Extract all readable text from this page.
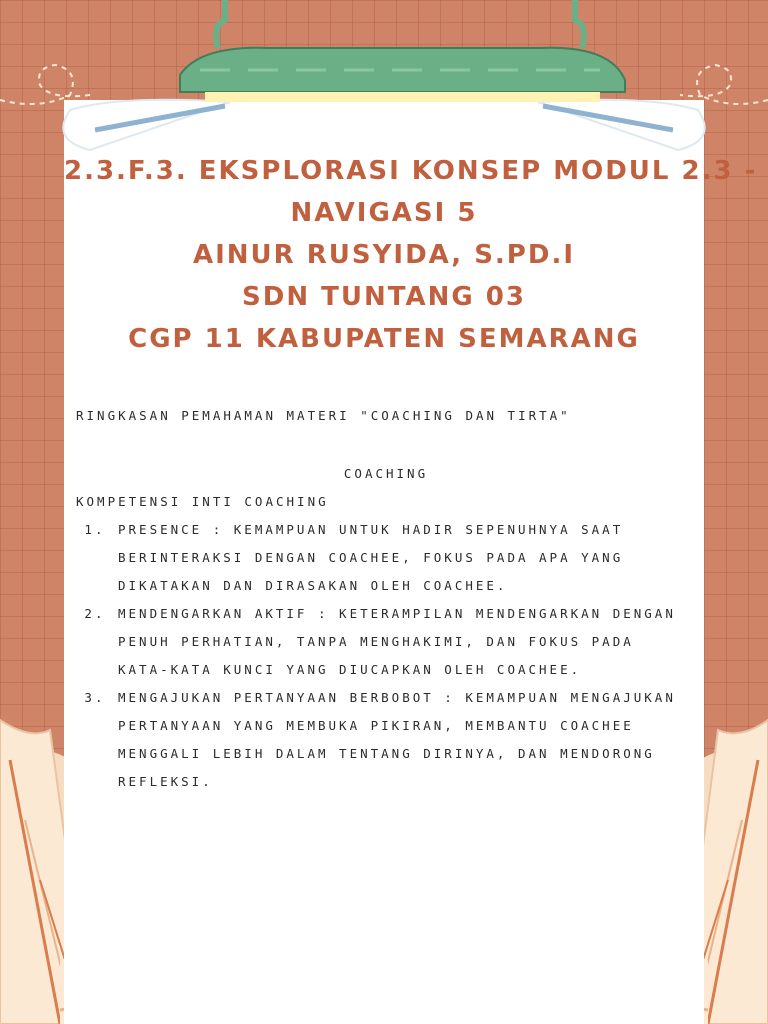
2.3.F.3. EKSPLORASI KONSEP MODUL 2.3 -
NAVIGASI 5
AINUR RUSYIDA, S.PD.I
SDN TUNTANG 03
CGP 11 KABUPATEN SEMARANG

RINGKASAN PEMAHAMAN MATERI "COACHING DAN TIRTA"

COACHING

KOMPETENSI INTI COACHING

1. PRESENCE : KEMAMPUAN UNTUK HADIR SEPENUHNYA SAAT BERINTERAKSI DENGAN COACHEE, FOKUS PADA APA YANG DIKATAKAN DAN DIRASAKAN OLEH COACHEE.
2. MENDENGARKAN AKTIF : KETERAMPILAN MENDENGARKAN DENGAN PENUH PERHATIAN, TANPA MENGHAKIMI, DAN FOKUS PADA KATA-KATA KUNCI YANG DIUCAPKAN OLEH COACHEE.
3. MENGAJUKAN PERTANYAAN BERBOBOT : KEMAMPUAN MENGAJUKAN PERTANYAAN YANG MEMBUKA PIKIRAN, MEMBANTU COACHEE MENGGALI LEBIH DALAM TENTANG DIRINYA, DAN MENDORONG REFLEKSI.
